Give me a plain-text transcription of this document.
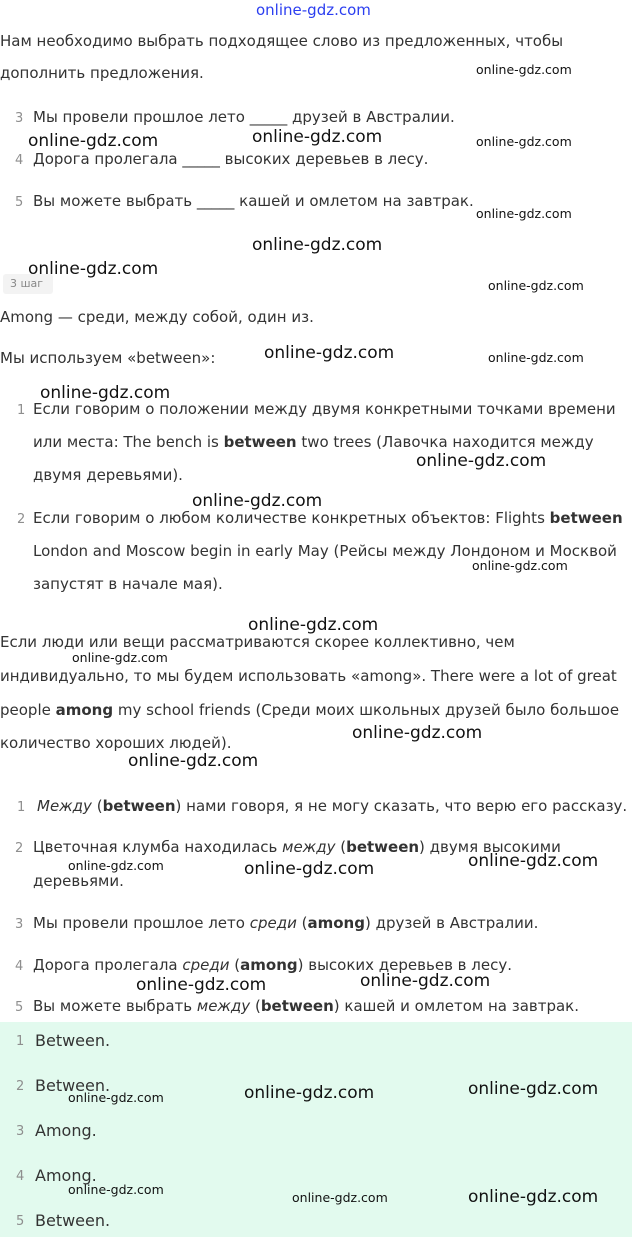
online-gdz.com
Нам необходимо выбрать подходящее слово из предложенных, чтобы
дополнить предложения.
3 Мы провели прошлое лето _____ друзей в Австралии.
4 Дорога пролегала _____ высоких деревьев в лесу.
5 Вы можете выбрать _____ кашей и омлетом на завтрак.
3 шаг
Among — среди, между собой, один из.
Мы используем «between»:
1 Если говорим о положении между двумя конкретными точками времени
или места: The bench is between two trees (Лавочка находится между
двумя деревьями).
2 Если говорим о любом количестве конкретных объектов: Flights between
London and Moscow begin in early May (Рейсы между Лондоном и Москвой
запустят в начале мая).
Если люди или вещи рассматриваются скорее коллективно, чем
индивидуально, то мы будем использовать «among». There were a lot of great
people among my school friends (Среди моих школьных друзей было большое
количество хороших людей).
1 Между (between) нами говоря, я не могу сказать, что верю его рассказу.
2 Цветочная клумба находилась между (between) двумя высокими
деревьями.
3 Мы провели прошлое лето среди (among) друзей в Австралии.
4 Дорога пролегала среди (among) высоких деревьев в лесу.
5 Вы можете выбрать между (between) кашей и омлетом на завтрак.
1 Between.
2 Between.
3 Among.
4 Among.
5 Between.
online-gdz.com
online-gdz.com	online-gdz.com	online-gdz.com
online-gdz.com
online-gdz.com
online-gdz.com
online-gdz.com
online-gdz.com	online-gdz.com
online-gdz.com
online-gdz.com
online-gdz.com
online-gdz.com
online-gdz.com
online-gdz.com
online-gdz.com
online-gdz.com
online-gdz.com
online-gdz.com	online-gdz.com
online-gdz.com
online-gdz.com
online-gdz.com
online-gdz.com
online-gdz.com
online-gdz.com	online-gdz.com
online-gdz.com
